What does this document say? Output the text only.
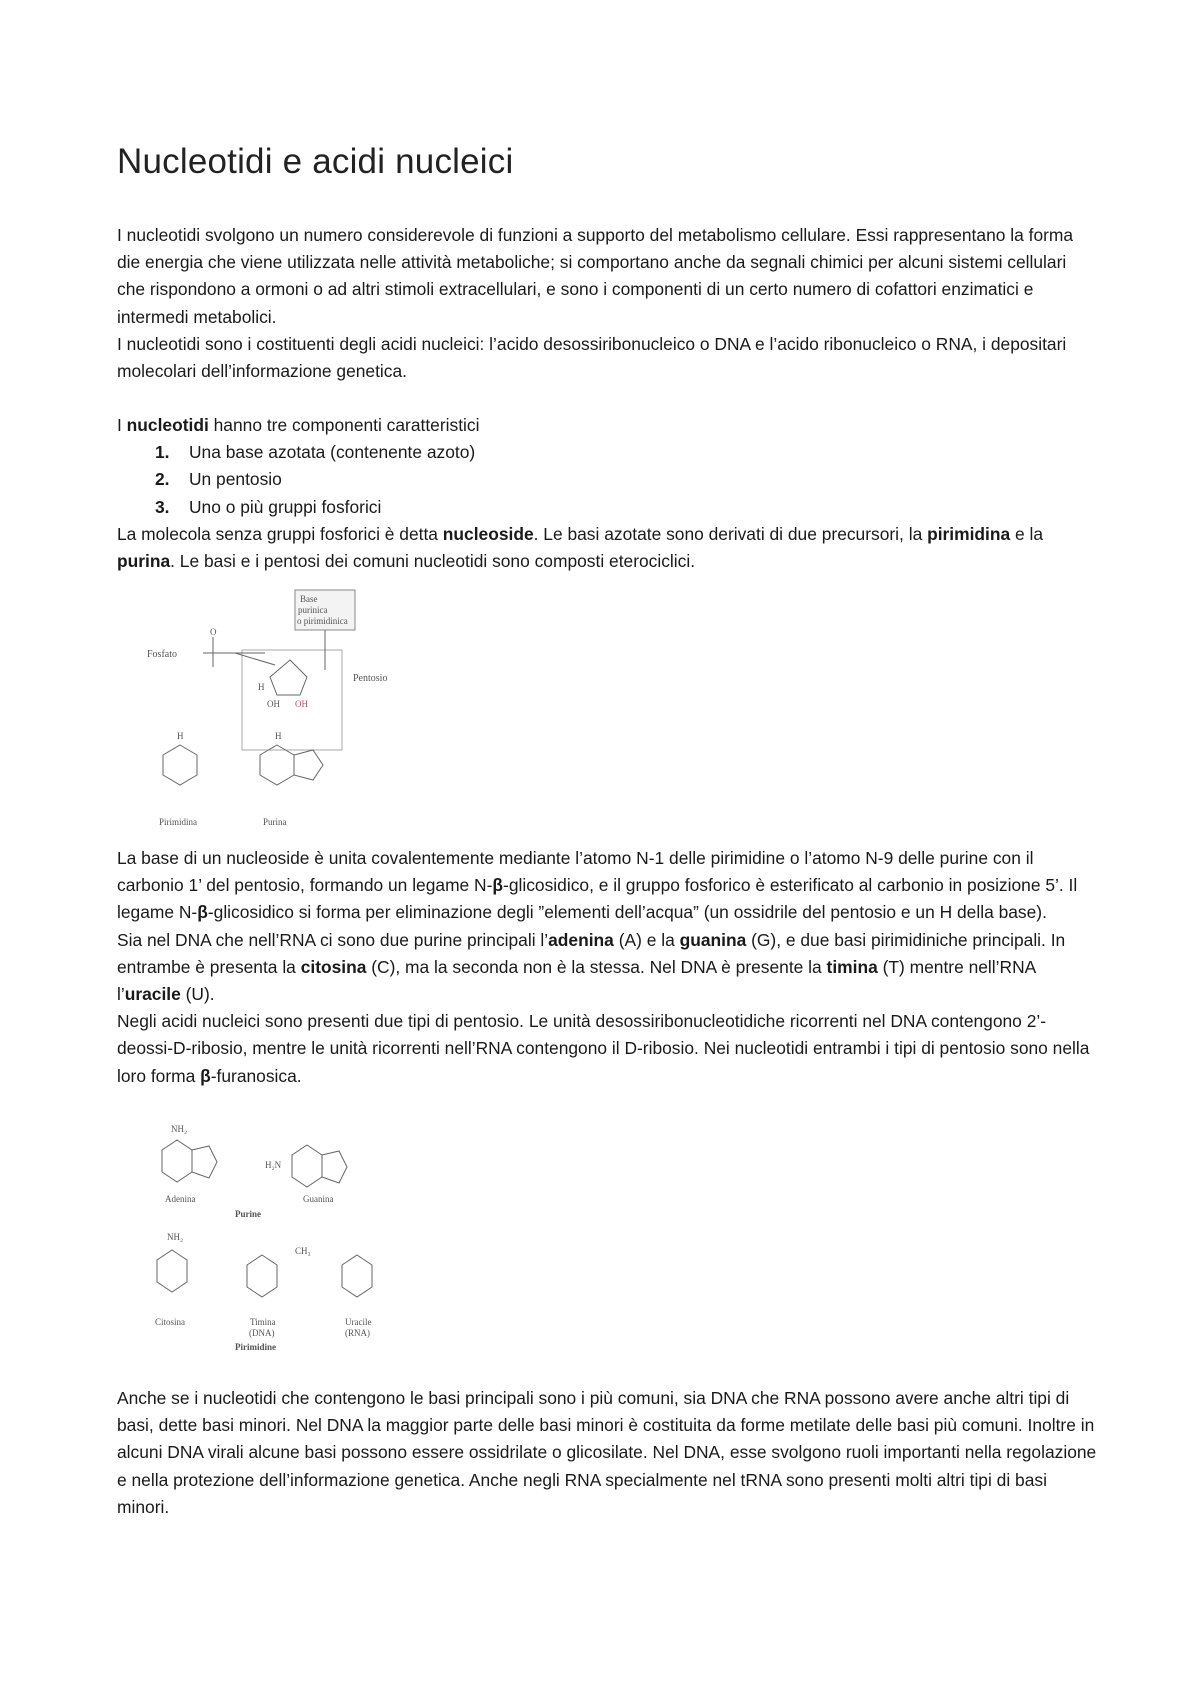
Nucleotidi e acidi nucleici

I nucleotidi svolgono un numero considerevole di funzioni a supporto del metabolismo cellulare. Essi rappresentano la forma die energia che viene utilizzata nelle attività metaboliche; si comportano anche da segnali chimici per alcuni sistemi cellulari che rispondono a ormoni o ad altri stimoli extracellulari, e sono i componenti di un certo numero di cofattori enzimatici e intermedi metabolici.

I nucleotidi sono i costituenti degli acidi nucleici: l’acido desossiribonucleico o DNA e l’acido ribonucleico o RNA, i depositari molecolari dell’informazione genetica.

I nucleotidi hanno tre componenti caratteristici

1. Una base azotata (contenente azoto)
2. Un pentosio
3. Uno o più gruppi fosforici

La molecola senza gruppi fosforici è detta nucleoside. Le basi azotate sono derivati di due precursori, la pirimidina e la purina. Le basi e i pentosi dei comuni nucleotidi sono composti eterociclici.

Base
purinica
o pirimidinica
Fosfato
Pentosio
O
H
OH OH
H
Pirimidina
H
Purina

La base di un nucleoside è unita covalentemente mediante l’atomo N-1 delle pirimidine o l’atomo N-9 delle purine con il carbonio 1’ del pentosio, formando un legame N-β-glicosidico, e il gruppo fosforico è esterificato al carbonio in posizione 5’. Il legame N-β-glicosidico si forma per eliminazione degli ”elementi dell’acqua” (un ossidrile del pentosio e un H della base).

Sia nel DNA che nell’RNA ci sono due purine principali l’adenina (A) e la guanina (G), e due basi pirimidiniche principali. In entrambe è presenta la citosina (C), ma la seconda non è la stessa. Nel DNA è presente la timina (T) mentre nell’RNA l’uracile (U).

Negli acidi nucleici sono presenti due tipi di pentosio. Le unità desossiribonucleotidiche ricorrenti nel DNA contengono 2’-deossi-D-ribosio, mentre le unità ricorrenti nell’RNA contengono il D-ribosio. Nei nucleotidi entrambi i tipi di pentosio sono nella loro forma β-furanosica.

NH₂
H₂N
Adenina	Guanina
Purine
NH₂
CH₃
Citosina	Timina
(DNA)
Uracile
(RNA)
Pirimidine

Anche se i nucleotidi che contengono le basi principali sono i più comuni, sia DNA che RNA possono avere anche altri tipi di basi, dette basi minori. Nel DNA la maggior parte delle basi minori è costituita da forme metilate delle basi più comuni. Inoltre in alcuni DNA virali alcune basi possono essere ossidrilate o glicosilate. Nel DNA, esse svolgono ruoli importanti nella regolazione e nella protezione dell’informazione genetica. Anche negli RNA specialmente nel tRNA sono presenti molti altri tipi di basi minori.
